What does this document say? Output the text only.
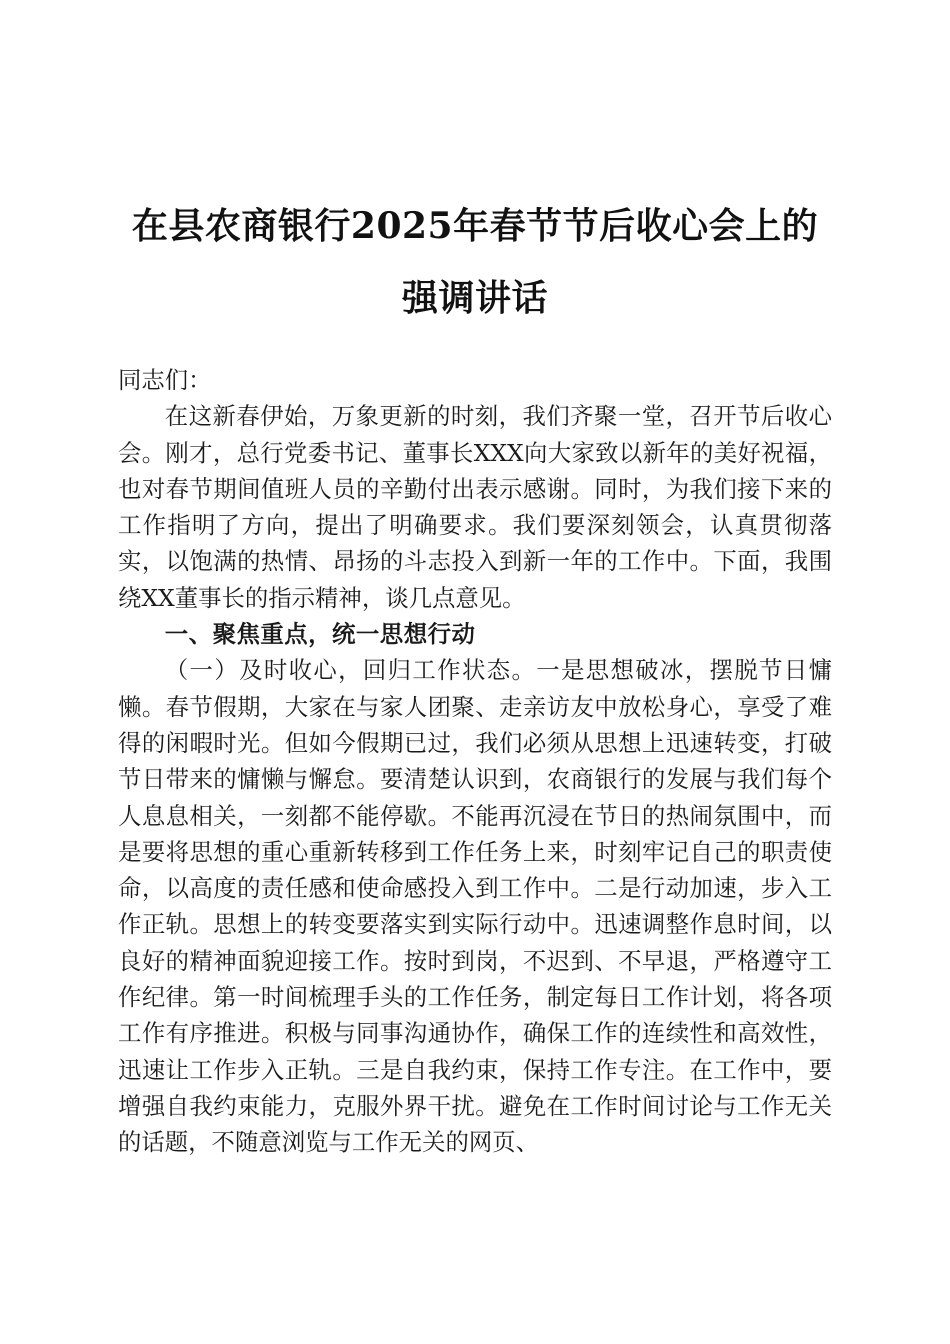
在县农商银行2025年春节节后收心会上的强调讲话

同志们：

在这新春伊始，万象更新的时刻，我们齐聚一堂，召开节后收心会。刚才，总行党委书记、董事长XXX向大家致以新年的美好祝福，也对春节期间值班人员的辛勤付出表示感谢。同时，为我们接下来的工作指明了方向，提出了明确要求。我们要深刻领会，认真贯彻落实，以饱满的热情、昂扬的斗志投入到新一年的工作中。下面，我围绕XX董事长的指示精神，谈几点意见。

一、聚焦重点，统一思想行动

（一）及时收心，回归工作状态。一是思想破冰，摆脱节日慵懒。春节假期，大家在与家人团聚、走亲访友中放松身心，享受了难得的闲暇时光。但如今假期已过，我们必须从思想上迅速转变，打破节日带来的慵懒与懈怠。要清楚认识到，农商银行的发展与我们每个人息息相关，一刻都不能停歇。不能再沉浸在节日的热闹氛围中，而是要将思想的重心重新转移到工作任务上来，时刻牢记自己的职责使命，以高度的责任感和使命感投入到工作中。二是行动加速，步入工作正轨。思想上的转变要落实到实际行动中。迅速调整作息时间，以良好的精神面貌迎接工作。按时到岗，不迟到、不早退，严格遵守工作纪律。第一时间梳理手头的工作任务，制定每日工作计划，将各项工作有序推进。积极与同事沟通协作，确保工作的连续性和高效性，迅速让工作步入正轨。三是自我约束，保持工作专注。在工作中，要增强自我约束能力，克服外界干扰。避免在工作时间讨论与工作无关的话题，不随意浏览与工作无关的网页、
